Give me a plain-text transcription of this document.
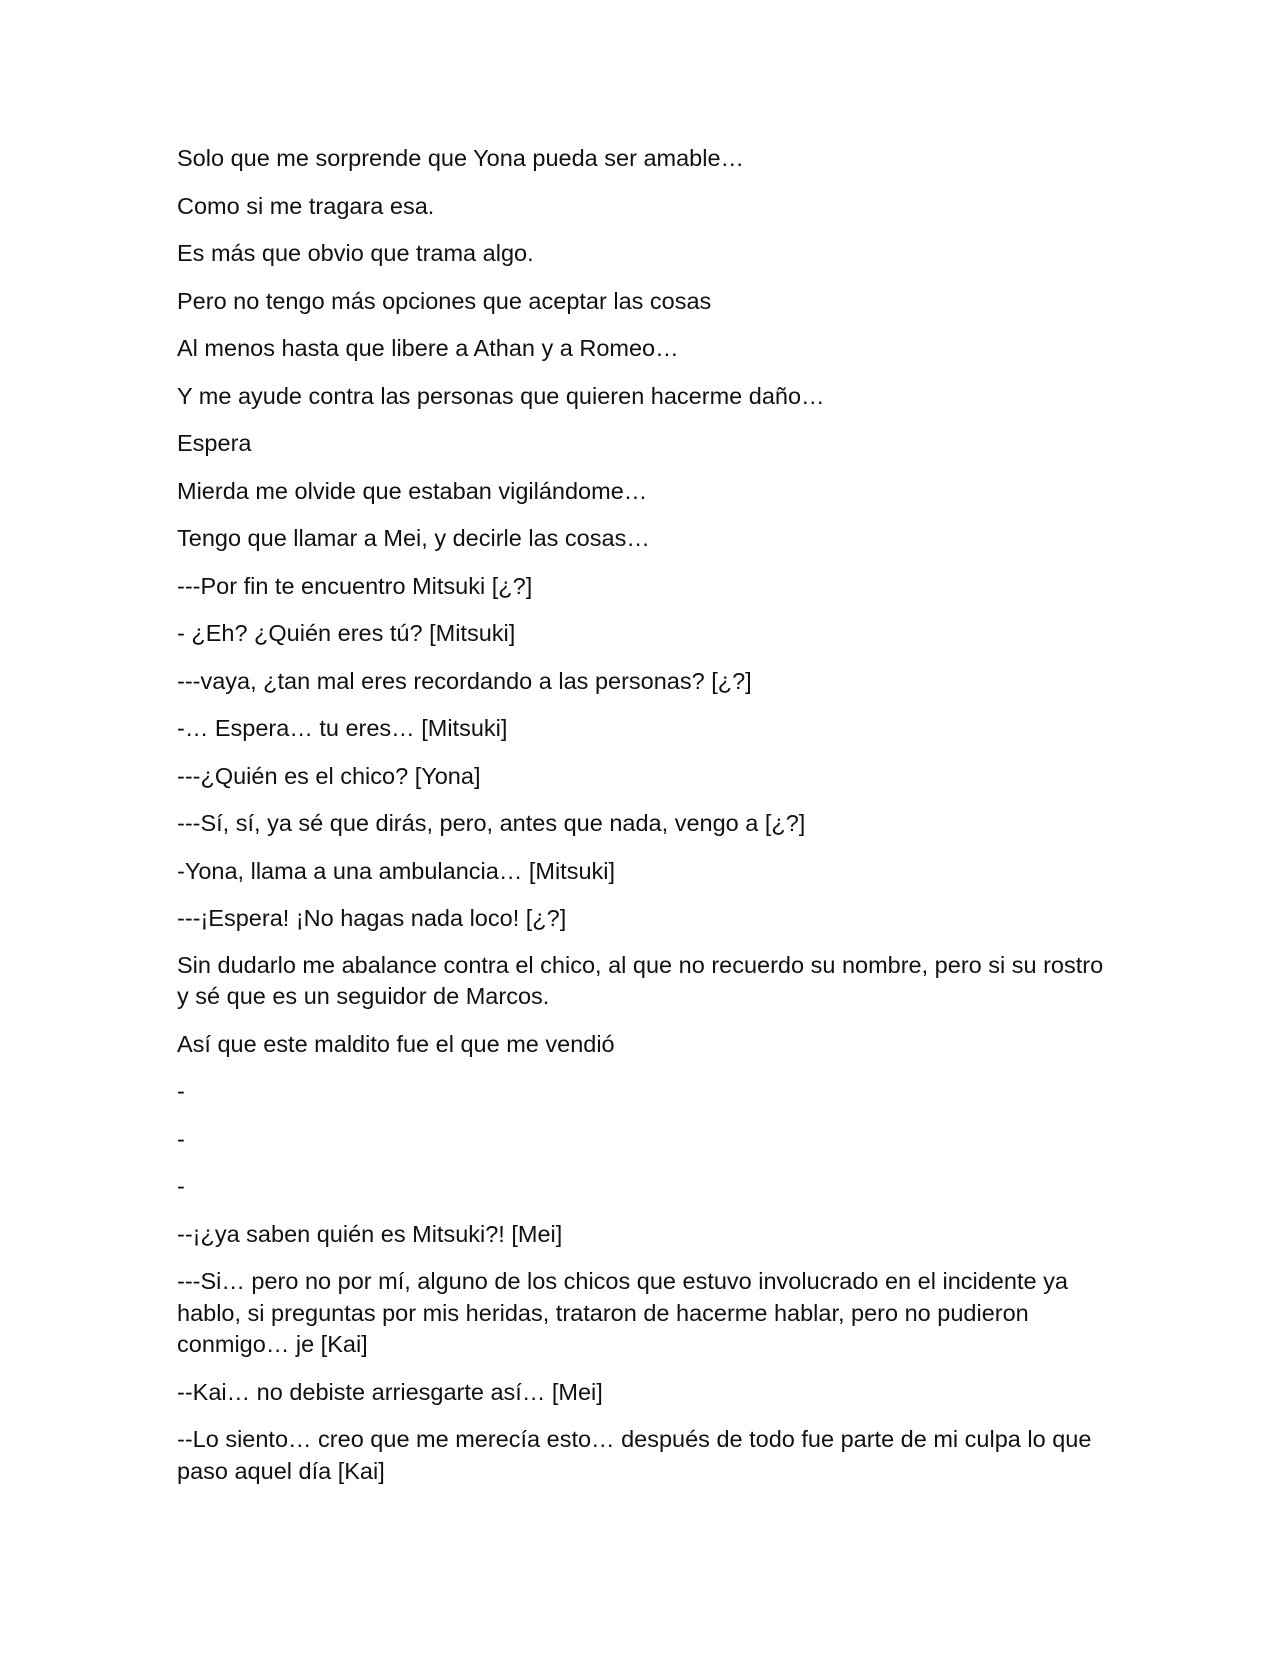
Solo que me sorprende que Yona pueda ser amable…

Como si me tragara esa.

Es más que obvio que trama algo.

Pero no tengo más opciones que aceptar las cosas

Al menos hasta que libere a Athan y a Romeo…

Y me ayude contra las personas que quieren hacerme daño…

Espera

Mierda me olvide que estaban vigilándome…

Tengo que llamar a Mei, y decirle las cosas…

---Por fin te encuentro Mitsuki [¿?]

- ¿Eh? ¿Quién eres tú? [Mitsuki]

---vaya, ¿tan mal eres recordando a las personas? [¿?]

-… Espera… tu eres… [Mitsuki]

---¿Quién es el chico? [Yona]

---Sí, sí, ya sé que dirás, pero, antes que nada, vengo a [¿?]

-Yona, llama a una ambulancia… [Mitsuki]

---¡Espera! ¡No hagas nada loco! [¿?]

Sin dudarlo me abalance contra el chico, al que no recuerdo su nombre, pero si su rostro y sé que es un seguidor de Marcos.

Así que este maldito fue el que me vendió

-

-

-

--¡¿ya saben quién es Mitsuki?! [Mei]

---Si… pero no por mí, alguno de los chicos que estuvo involucrado en el incidente ya hablo, si preguntas por mis heridas, trataron de hacerme hablar, pero no pudieron conmigo… je [Kai]

--Kai… no debiste arriesgarte así… [Mei]

--Lo siento… creo que me merecía esto… después de todo fue parte de mi culpa lo que paso aquel día [Kai]
